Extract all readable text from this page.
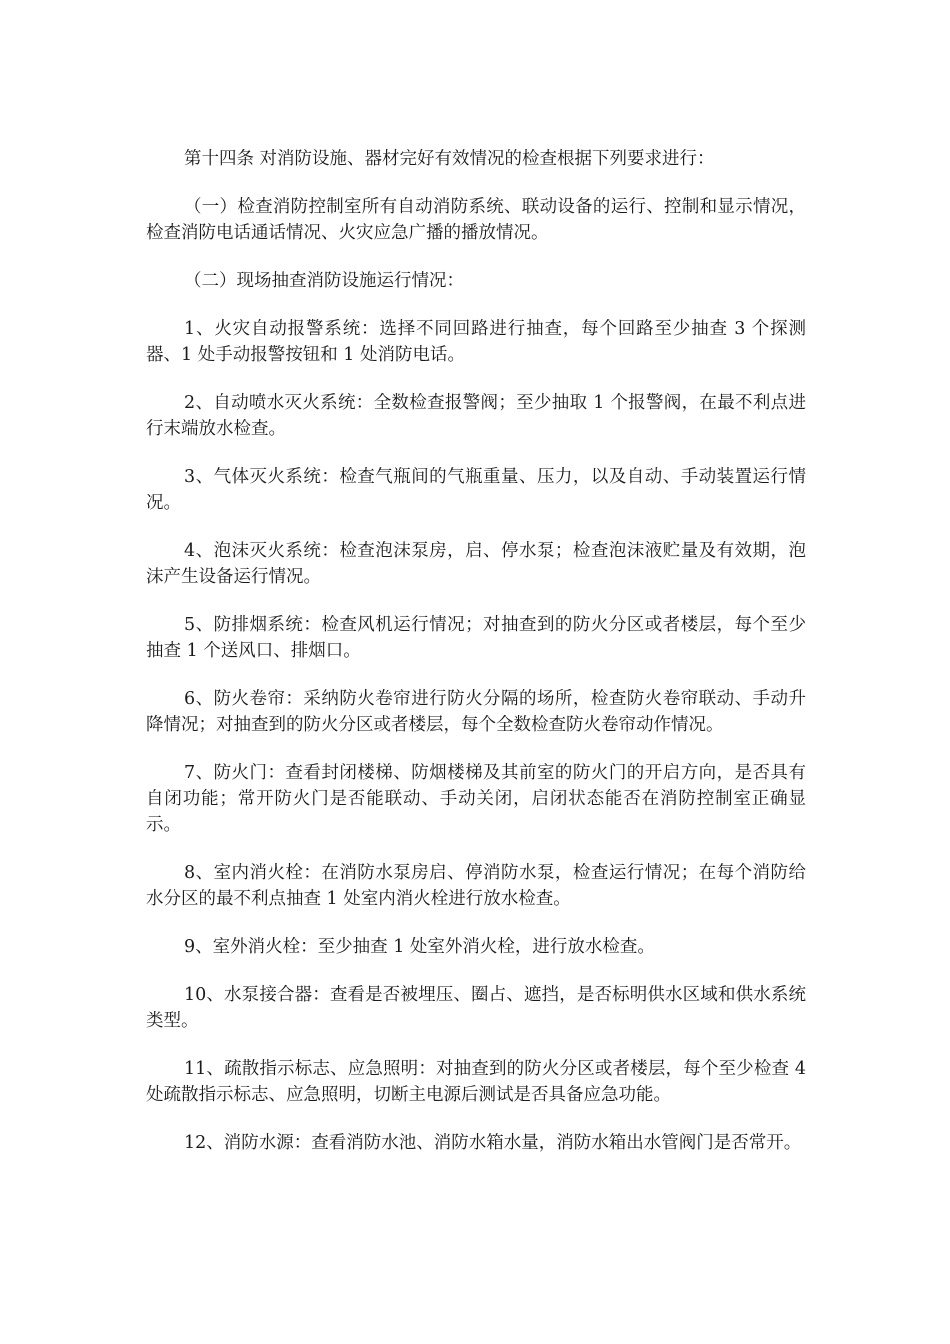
第十四条 对消防设施、器材完好有效情况的检查根据下列要求进行：

（一）检查消防控制室所有自动消防系统、联动设备的运行、控制和显示情况，检查消防电话通话情况、火灾应急广播的播放情况。

（二）现场抽查消防设施运行情况：

1、火灾自动报警系统：选择不同回路进行抽查，每个回路至少抽查 3 个探测器、1 处手动报警按钮和 1 处消防电话。

2、自动喷水灭火系统：全数检查报警阀；至少抽取 1 个报警阀，在最不利点进行末端放水检查。

3、气体灭火系统：检查气瓶间的气瓶重量、压力，以及自动、手动装置运行情况。

4、泡沫灭火系统：检查泡沫泵房，启、停水泵；检查泡沫液贮量及有效期，泡沫产生设备运行情况。

5、防排烟系统：检查风机运行情况；对抽查到的防火分区或者楼层，每个至少抽查 1 个送风口、排烟口。

6、防火卷帘：采纳防火卷帘进行防火分隔的场所，检查防火卷帘联动、手动升降情况；对抽查到的防火分区或者楼层，每个全数检查防火卷帘动作情况。

7、防火门：查看封闭楼梯、防烟楼梯及其前室的防火门的开启方向，是否具有自闭功能；常开防火门是否能联动、手动关闭，启闭状态能否在消防控制室正确显示。

8、室内消火栓：在消防水泵房启、停消防水泵，检查运行情况；在每个消防给水分区的最不利点抽查 1 处室内消火栓进行放水检查。

9、室外消火栓：至少抽查 1 处室外消火栓，进行放水检查。

10、水泵接合器：查看是否被埋压、圈占、遮挡，是否标明供水区域和供水系统类型。

11、疏散指示标志、应急照明：对抽查到的防火分区或者楼层，每个至少检查 4 处疏散指示标志、应急照明，切断主电源后测试是否具备应急功能。

12、消防水源：查看消防水池、消防水箱水量，消防水箱出水管阀门是否常开。
